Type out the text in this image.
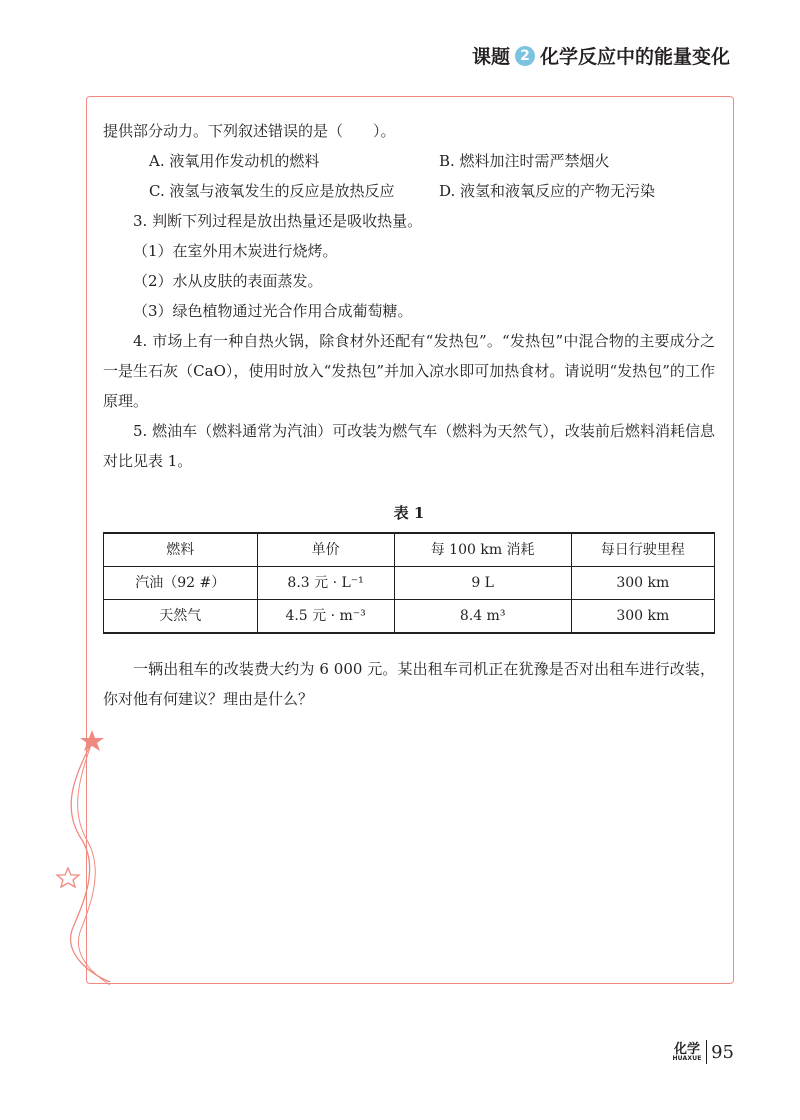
课题 2 化学反应中的能量变化
提供部分动力。下列叙述错误的是（　　）。
A. 液氧用作发动机的燃料	B. 燃料加注时需严禁烟火
C. 液氢与液氧发生的反应是放热反应	D. 液氢和液氧反应的产物无污染
3. 判断下列过程是放出热量还是吸收热量。
（1）在室外用木炭进行烧烤。
（2）水从皮肤的表面蒸发。
（3）绿色植物通过光合作用合成葡萄糖。
4. 市场上有一种自热火锅，除食材外还配有“发热包”。“发热包”中混合物的主要成分之一是生石灰（CaO），使用时放入“发热包”并加入凉水即可加热食材。请说明“发热包”的工作原理。
5. 燃油车（燃料通常为汽油）可改装为燃气车（燃料为天然气），改装前后燃料消耗信息对比见表 1。
表 1
燃料	单价	每 100 km 消耗	每日行驶里程
汽油（92 #）	8.3 元 · L⁻¹	9 L	300 km
天然气	4.5 元 · m⁻³	8.4 m³	300 km
一辆出租车的改装费大约为 6 000 元。某出租车司机正在犹豫是否对出租车进行改装，你对他有何建议？理由是什么？
化学
HUAXUE 95
